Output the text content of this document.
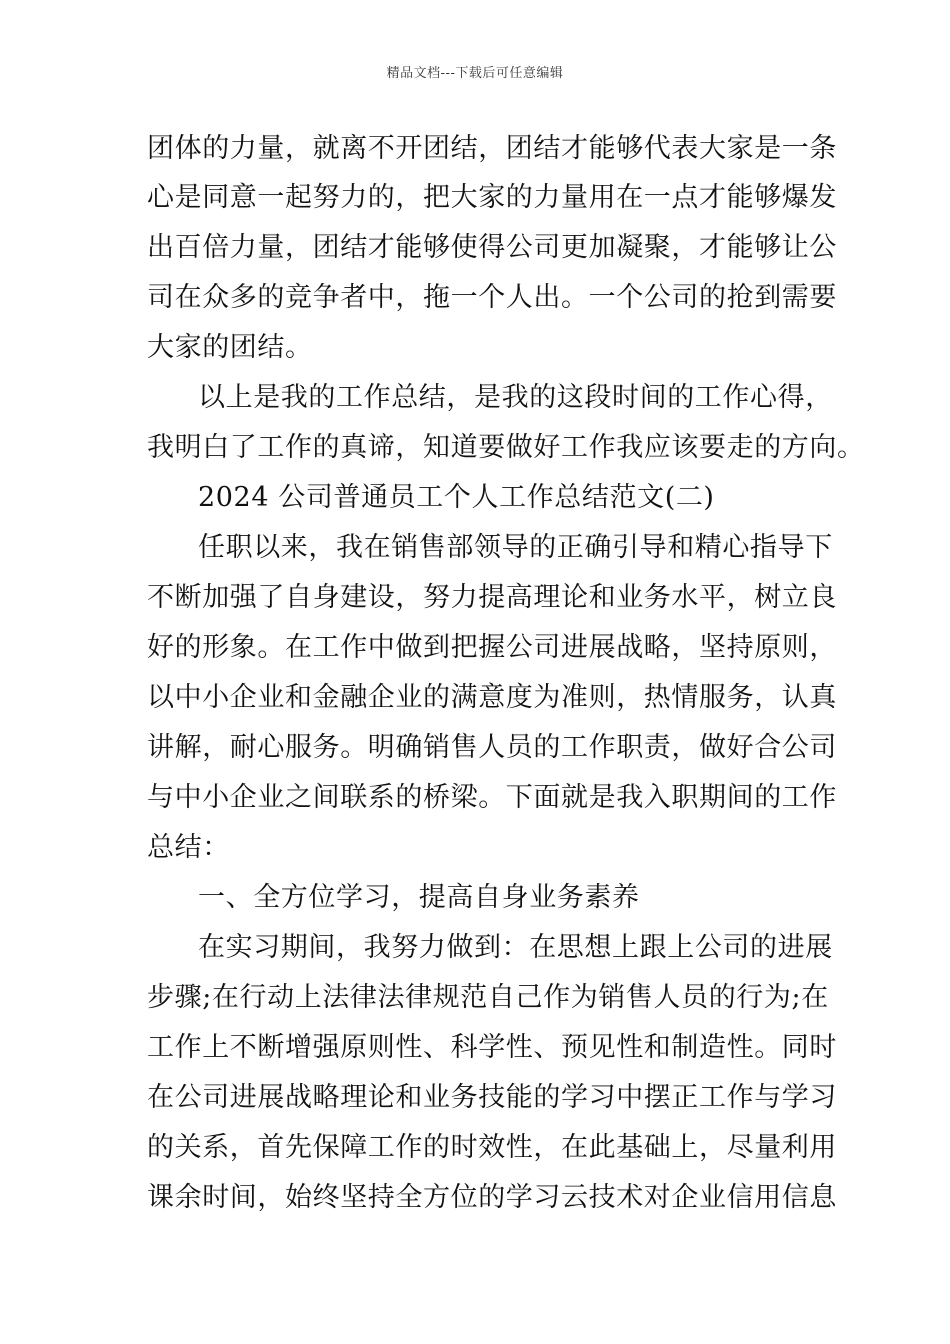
精品文档---下载后可任意编辑
团体的力量，就离不开团结，团结才能够代表大家是一条
心是同意一起努力的，把大家的力量用在一点才能够爆发
出百倍力量，团结才能够使得公司更加凝聚，才能够让公
司在众多的竞争者中，拖一个人出。一个公司的抢到需要
大家的团结。
以上是我的工作总结，是我的这段时间的工作心得，
我明白了工作的真谛，知道要做好工作我应该要走的方向。
2024 公司普通员工个人工作总结范文(二)
任职以来，我在销售部领导的正确引导和精心指导下
不断加强了自身建设，努力提高理论和业务水平，树立良
好的形象。在工作中做到把握公司进展战略，坚持原则，
以中小企业和金融企业的满意度为准则，热情服务，认真
讲解，耐心服务。明确销售人员的工作职责，做好合公司
与中小企业之间联系的桥梁。下面就是我入职期间的工作
总结：
一、全方位学习，提高自身业务素养
在实习期间，我努力做到：在思想上跟上公司的进展
步骤;在行动上法律法律规范自己作为销售人员的行为;在
工作上不断增强原则性、科学性、预见性和制造性。同时
在公司进展战略理论和业务技能的学习中摆正工作与学习
的关系，首先保障工作的时效性，在此基础上，尽量利用
课余时间，始终坚持全方位的学习云技术对企业信用信息
